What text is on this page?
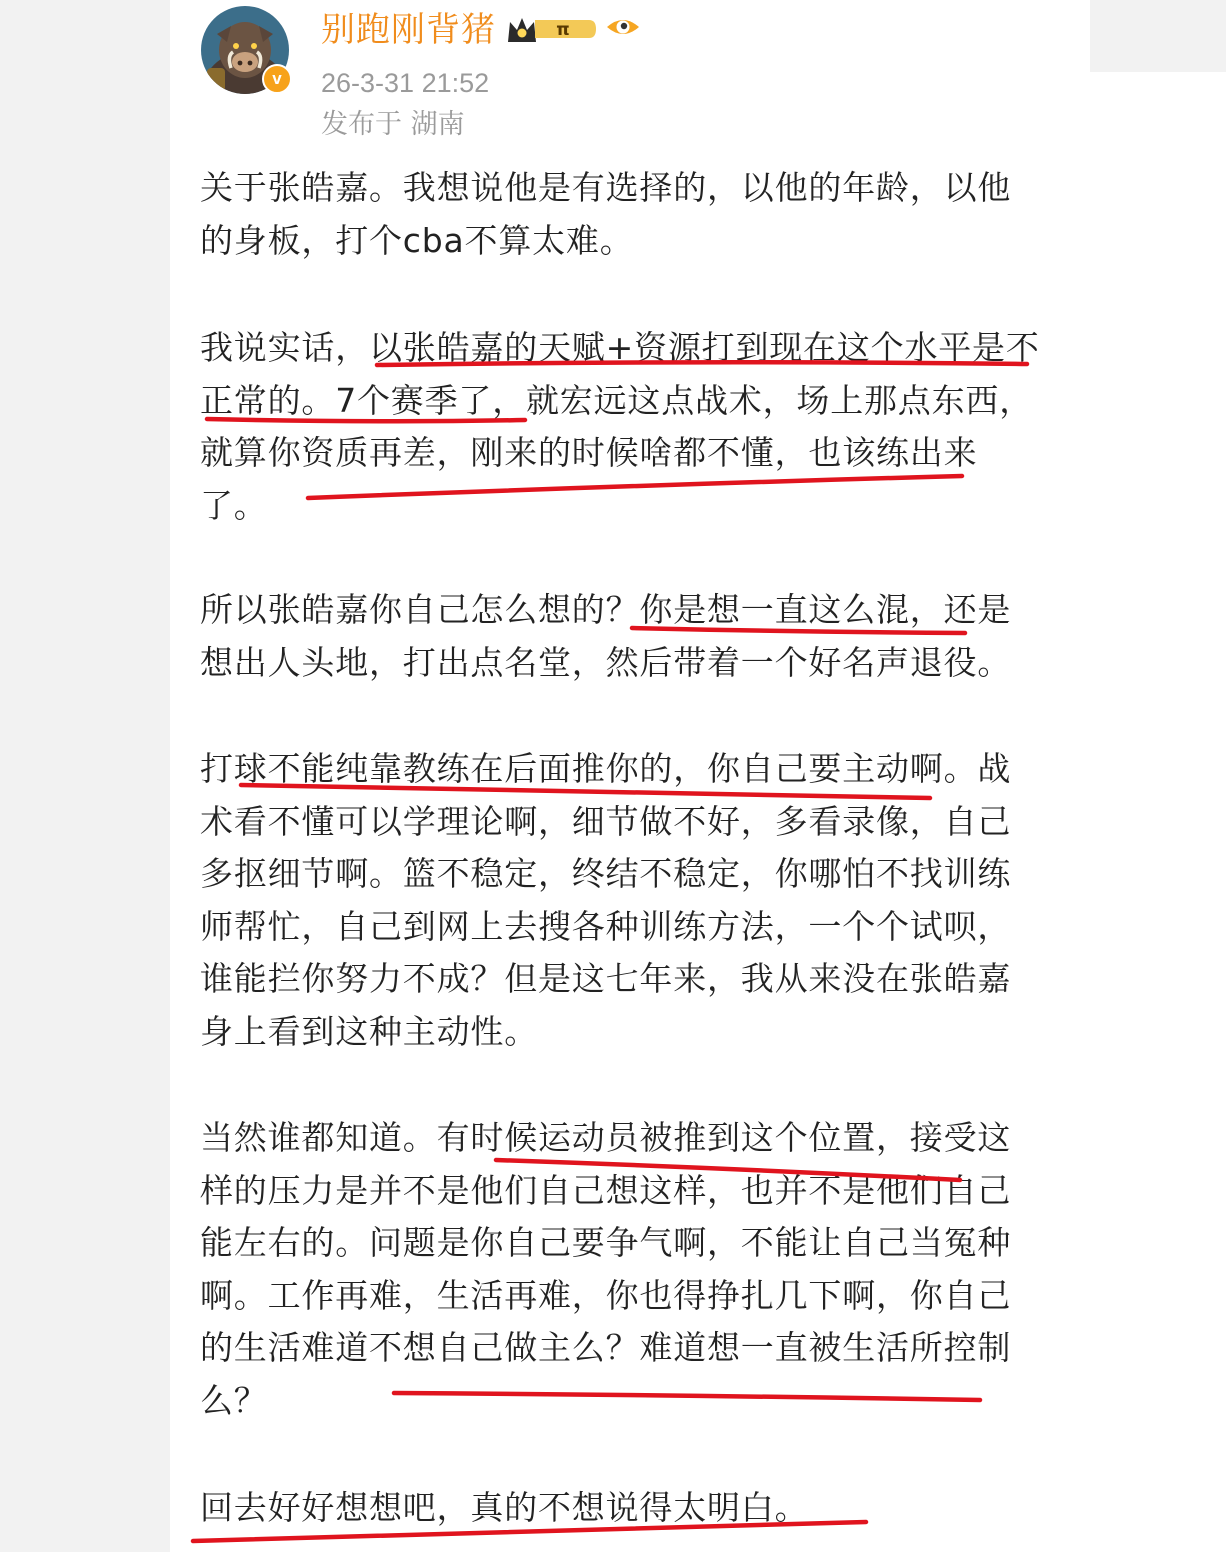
v
别跑刚背猪	π
26-3-31 21:52
发布于 湖南
关于张皓嘉。我想说他是有选择的，以他的年龄，以他
的身板，打个cba不算太难。
我说实话，以张皓嘉的天赋+资源打到现在这个水平是不
正常的。7个赛季了，就宏远这点战术，场上那点东西，
就算你资质再差，刚来的时候啥都不懂，也该练出来
了。
所以张皓嘉你自己怎么想的？你是想一直这么混，还是
想出人头地，打出点名堂，然后带着一个好名声退役。
打球不能纯靠教练在后面推你的，你自己要主动啊。战
术看不懂可以学理论啊，细节做不好，多看录像，自己
多抠细节啊。篮不稳定，终结不稳定，你哪怕不找训练
师帮忙，自己到网上去搜各种训练方法，一个个试呗，
谁能拦你努力不成？但是这七年来，我从来没在张皓嘉
身上看到这种主动性。
当然谁都知道。有时候运动员被推到这个位置，接受这
样的压力是并不是他们自己想这样，也并不是他们自己
能左右的。问题是你自己要争气啊，不能让自己当冤种
啊。工作再难，生活再难，你也得挣扎几下啊，你自己
的生活难道不想自己做主么？难道想一直被生活所控制
么？
回去好好想想吧，真的不想说得太明白。
